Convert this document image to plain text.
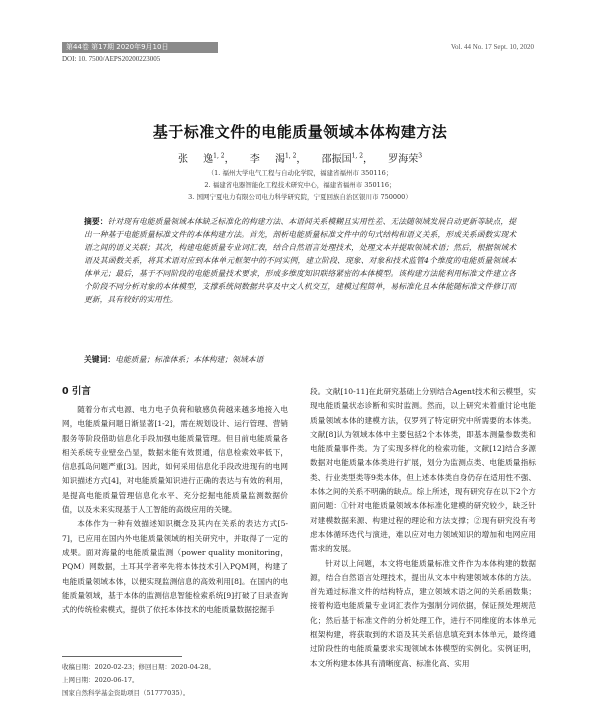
第44卷 第17期 2020年9月10日	Vol. 44 No. 17 Sept. 10, 2020
DOI: 10. 7500/AEPS20200223005
基于标准文件的电能质量领域本体构建方法
张 逸$^{1, 2}$， 李 渴$^{1, 2}$， 邵振国$^{1, 2}$， 罗海荣$^3$
（1. 福州大学电气工程与自动化学院，福建省福州市 350116；
2. 福建省电器智能化工程技术研究中心，福建省福州市 350116；
3. 国网宁夏电力有限公司电力科学研究院，宁夏回族自治区银川市 750000）
摘要：针对现有电能质量领域本体缺乏标准化的构建方法、本语间关系模糊且实用性差、无法随领域发展自动更新等缺点，提出一种基于电能质量标准文件的本体构建方法。首先，剖析电能质量标准文件中的句式结构和语义关系，形成关系函数实现术语之间的语义关联；其次，构建电能质量专业词汇表，结合自然语言处理技术，处理文本并提取领域术语；然后，根据领域术语及其函数关系，将其术语对应到本体单元框架中的不同实例，建立阶段、现象、对象和技术监管4个维度的电能质量领域本体单元；最后，基于不同阶段的电能质量技术要求，形成多维度知识联络紧密的本体模型。该构建方法能利用标准文件建立各个阶段不同分析对象的本体模型，支撑系统间数据共享及中文人机交互，建模过程简单，易标准化且本体能随标准文件修订而更新，具有较好的实用性。
关键词：电能质量；标准体系；本体构建；领域本语
0 引言

随着分布式电源、电力电子负荷和敏感负荷越来越多地接入电网，电能质量问题日渐显著[1-2]，需在规划设计、运行管理、营销服务等阶段借助信息化手段加强电能质量管理。但目前电能质量各相关系统专业壁垒凸显，数据未能有效贯通，信息检索效率低下，信息孤岛问题严重[3]。因此，如何采用信息化手段改进现有的电网知识描述方式[4]，对电能质量知识进行正确的表达与有效的利用，是提高电能质量管理信息化水平、充分挖掘电能质量监测数据价值，以及未来实现基于人工智能的高级应用的关键。

本体作为一种有效描述知识概念及其内在关系的表达方式[5-7]，已应用在国内外电能质量领域的相关研究中，并取得了一定的成果。面对海量的电能质量监测（power quality monitoring，PQM）网数据，土耳其学者率先将本体技术引入PQM网，构建了电能质量领域本体，以便实现监测信息的高效利用[8]。在国内的电能质量领域，基于本体的监测信息智能检索系统[9]打破了目录查询式的传统检索模式，提供了依托本体技术的电能质量数据挖掘手

段。文献[10-11]在此研究基础上分别结合Agent技术和云模型，实现电能质量状态诊断和实时监测。然而，以上研究未着重讨论电能质量领域本体的建模方法，仅罗列了特定研究中所需要的本体类。文献[8]认为领域本体中主要包括2个本体类，即基本测量参数类和电能质量事件类。为了实现多样化的检索功能，文献[12]结合多源数据对电能质量本体类进行扩展，划分为监测点类、电能质量指标类、行业类型类等9类本体，但上述本体类自身仍存在适用性不强、本体之间的关系不明确的缺点。综上所述，现有研究存在以下2个方面问题：①针对电能质量领域本体标准化建模的研究较少，缺乏针对建模数据来源、构建过程的理论和方法支撑；②现有研究没有考虑本体循环迭代与演进，难以应对电力领域知识的增加和电网应用需求的发展。

针对以上问题，本文将电能质量标准文件作为本体构建的数据源，结合自然语言处理技术，提出从文本中构建领域本体的方法。首先通过标准文件的结构特点，建立领域术语之间的关系函数集；接着构造电能质量专业词汇表作为强制分词依据，保证预处理规范化；然后基于标准文件的分析处理工作，进行不同维度的本体单元框架构建，将获取到的术语及其关系信息填充到本体单元，最终通过阶段性的电能质量要求实现领域本体模型的实例化。实例证明，本文所构建本体具有清晰度高、标准化高、实用

收稿日期：2020-02-23；修回日期：2020-04-28。
上网日期：2020-06-17。
国家自然科学基金资助项目（51777035）。
